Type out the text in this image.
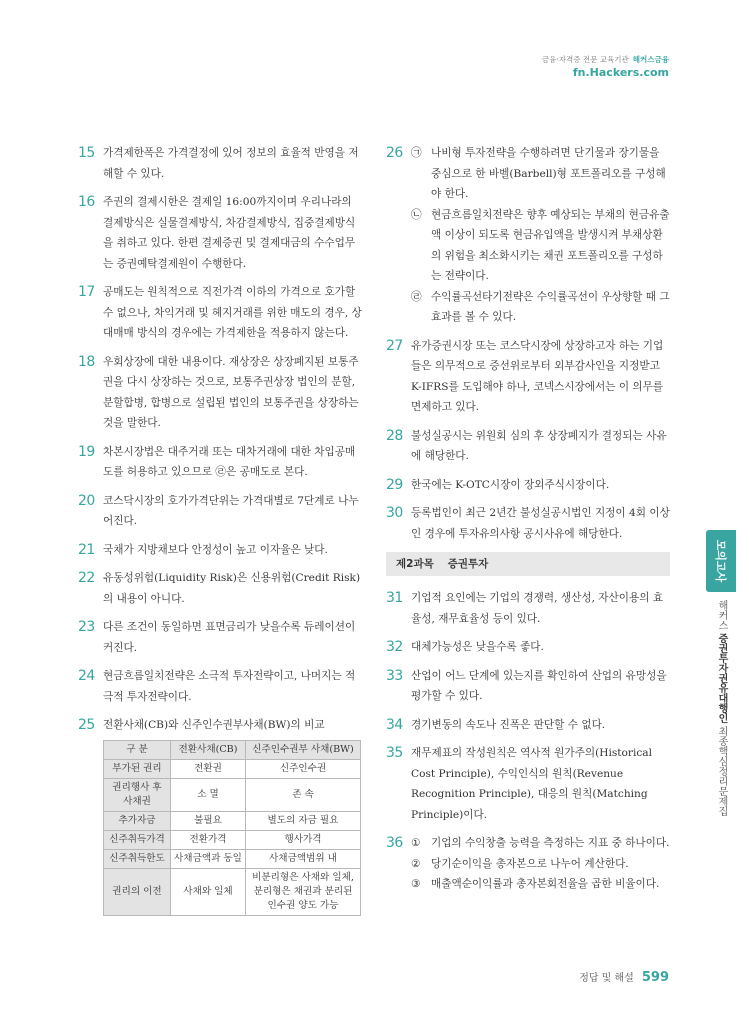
금융·자격증 전문 교육기관 해커스금융
fn.Hackers.com
15 가격제한폭은 가격결정에 있어 정보의 효율적 반영을 저해할 수 있다.
16 주권의 결제시한은 결제일 16:00까지이며 우리나라의 결제방식은 실물결제방식, 차감결제방식, 집중결제방식을 취하고 있다. 한편 결제증권 및 결제대금의 수수업무는 증권예탁결제원이 수행한다.
17 공매도는 원칙적으로 직전가격 이하의 가격으로 호가할 수 없으나, 차익거래 및 헤지거래를 위한 매도의 경우, 상대매매 방식의 경우에는 가격제한을 적용하지 않는다.
18 우회상장에 대한 내용이다. 재상장은 상장폐지된 보통주권을 다시 상장하는 것으로, 보통주권상장 법인의 분할, 분할합병, 합병으로 설립된 법인의 보통주권을 상장하는 것을 말한다.
19 차본시장법은 대주거래 또는 대차거래에 대한 차입공매도를 허용하고 있으므로 ㉣은 공매도로 본다.
20 코스닥시장의 호가가격단위는 가격대별로 7단계로 나누어진다.
21 국채가 지방채보다 안정성이 높고 이자율은 낮다.
22 유동성위험(Liquidity Risk)은 신용위험(Credit Risk)의 내용이 아니다.
23 다른 조건이 동일하면 표면금리가 낮을수록 듀레이션이 커진다.
24 현금흐름일치전략은 소극적 투자전략이고, 나머지는 적극적 투자전략이다.
25 전환사채(CB)와 신주인수권부사채(BW)의 비교
구 분	전환사채(CB)	신주인수권부 사채(BW)
부가된 권리	전환권	신주인수권
권리행사 후 사채권	소 멸	존 속
추가자금	불필요	별도의 자금 필요
신주취득가격	전환가격	행사가격
신주취득한도	사채금액과 동일	사채금액범위 내
권리의 이전	사채와 일체	비분리형은 사채와 일체, 분리형은 채권과 분리된 인수권 양도 가능
26 ㉠ 나비형 투자전략을 수행하려면 단기물과 장기물을 중심으로 한 바벨(Barbell)형 포트폴리오를 구성해야 한다.
㉡ 현금흐름일치전략은 향후 예상되는 부채의 현금유출액 이상이 되도록 현금유입액을 발생시켜 부채상환의 위험을 최소화시키는 채권 포트폴리오를 구성하는 전략이다.
㉣ 수익률곡선타기전략은 수익률곡선이 우상향할 때 그 효과를 볼 수 있다.
27 유가증권시장 또는 코스닥시장에 상장하고자 하는 기업들은 의무적으로 증선위로부터 외부감사인을 지정받고 K-IFRS를 도입해야 하나, 코넥스시장에서는 이 의무를 면제하고 있다.
28 불성실공시는 위원회 심의 후 상장폐지가 결정되는 사유에 해당한다.
29 한국에는 K-OTC시장이 장외주식시장이다.
30 등록법인이 최근 2년간 불성실공시법인 지정이 4회 이상인 경우에 투자유의사항 공시사유에 해당한다.
제2과목 증권투자
31 기업적 요인에는 기업의 경쟁력, 생산성, 자산이용의 효율성, 재무효율성 등이 있다.
32 대체가능성은 낮을수록 좋다.
33 산업이 어느 단계에 있는지를 확인하여 산업의 유망성을 평가할 수 있다.
34 경기변동의 속도나 진폭은 판단할 수 없다.
35 재무제표의 작성원칙은 역사적 원가주의(Historical Cost Principle), 수익인식의 원칙(Revenue Recognition Principle), 대응의 원칙(Matching Principle)이다.
36 ① 기업의 수익창출 능력을 측정하는 지표 중 하나이다.
② 당기순이익을 총자본으로 나누어 계산한다.
③ 매출액순이익률과 총자본회전율을 곱한 비율이다.
모의고사
해커스 증권투자권유대행인 최종핵심정리문제집
정답 및 해설 599
